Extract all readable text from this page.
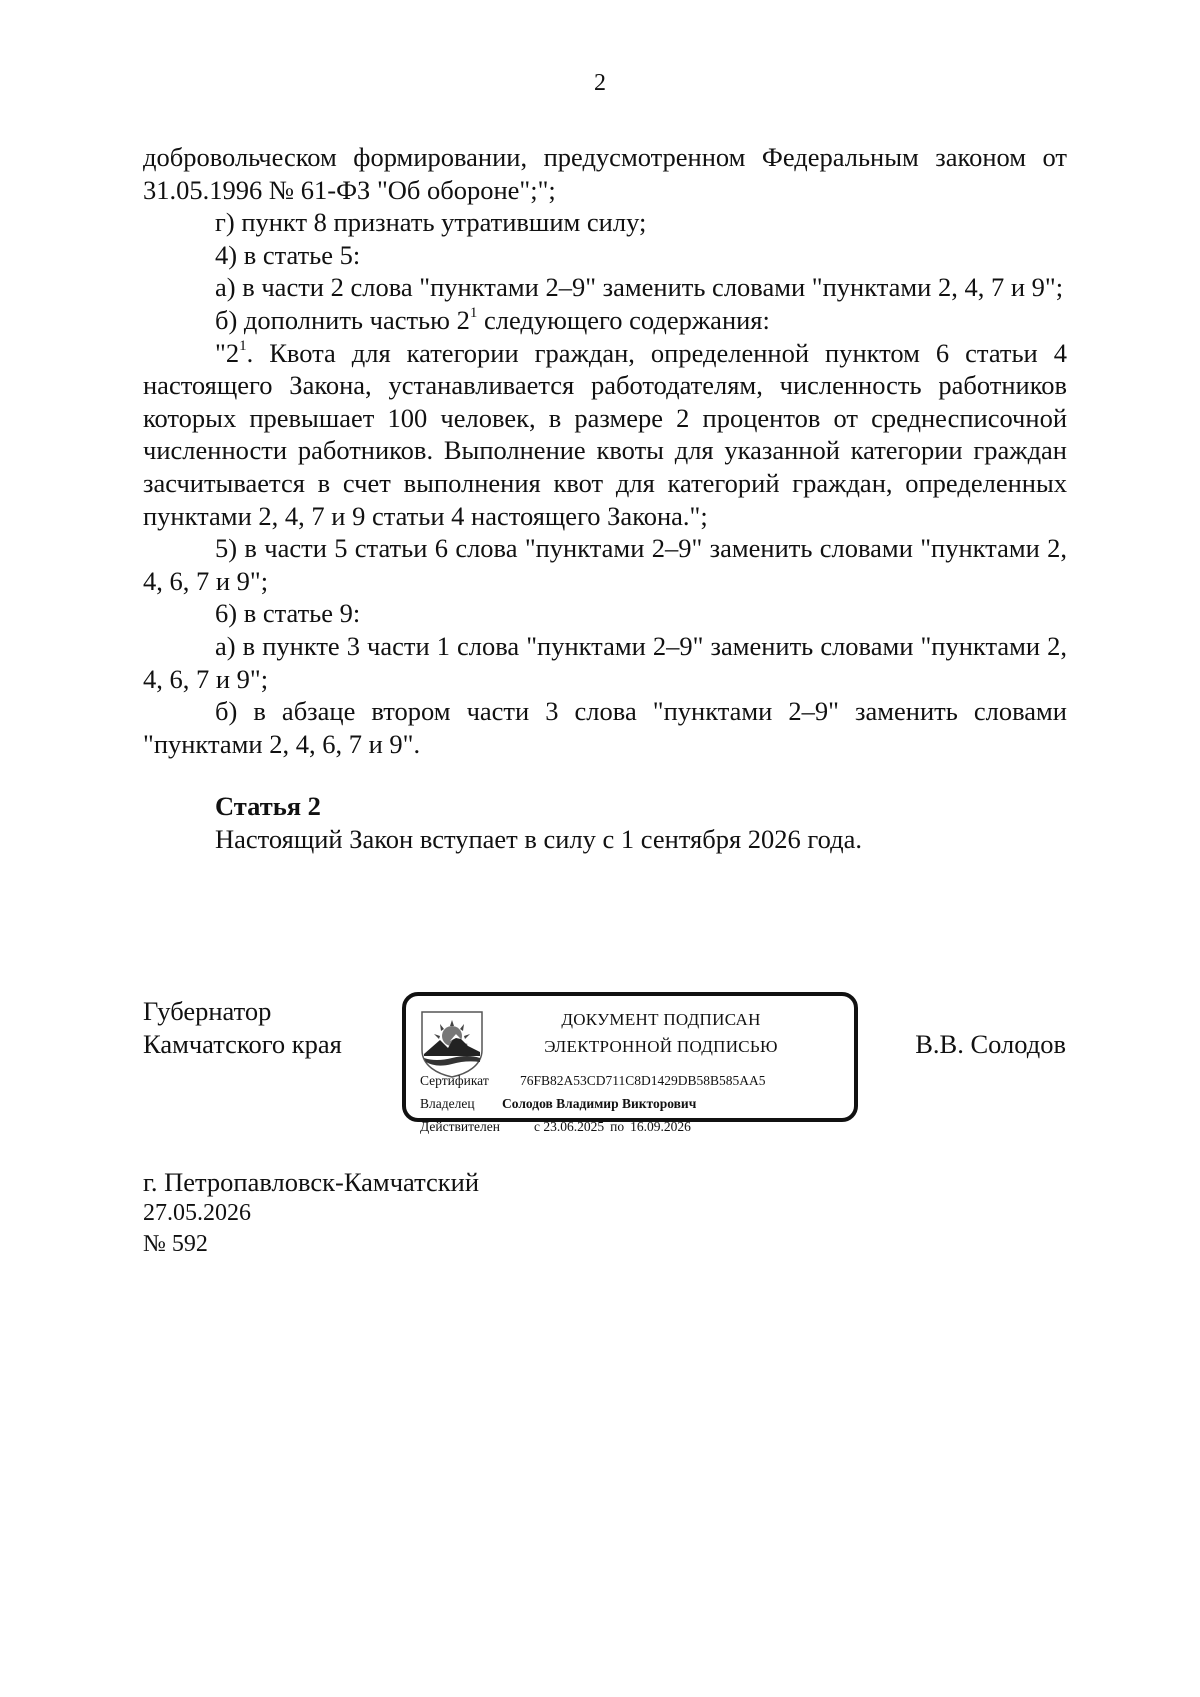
2

добровольческом формировании, предусмотренном Федеральным законом от 31.05.1996 № 61-ФЗ "Об обороне";";

г) пункт 8 признать утратившим силу;

4) в статье 5:

а) в части 2 слова "пунктами 2–9" заменить словами "пунктами 2, 4, 7 и 9";

б) дополнить частью $2^1$ следующего содержания:

"$2^1$. Квота для категории граждан, определенной пунктом 6 статьи 4 настоящего Закона, устанавливается работодателям, численность работников которых превышает 100 человек, в размере 2 процентов от среднесписочной численности работников. Выполнение квоты для указанной категории граждан засчитывается в счет выполнения квот для категорий граждан, определенных пунктами 2, 4, 7 и 9 статьи 4 настоящего Закона.";

5) в части 5 статьи 6 слова "пунктами 2–9" заменить словами "пунктами 2, 4, 6, 7 и 9";

6) в статье 9:

а) в пункте 3 части 1 слова "пунктами 2–9" заменить словами "пунктами 2, 4, 6, 7 и 9";

б) в абзаце втором части 3 слова "пунктами 2–9" заменить словами "пунктами 2, 4, 6, 7 и 9".

Статья 2

Настоящий Закон вступает в силу с 1 сентября 2026 года.

Губернатор
Камчатского края
ДОКУМЕНТ ПОДПИСАН
ЭЛЕКТРОННОЙ ПОДПИСЬЮ
Сертификат 76FB82A53CD711C8D1429DB58B585AA5
Владелец Солодов Владимир Викторович
Действителен	с 23.06.2025 по 16.09.2026
В.В. Солодов
г. Петропавловск-Камчатский
27.05.2026
№ 592
